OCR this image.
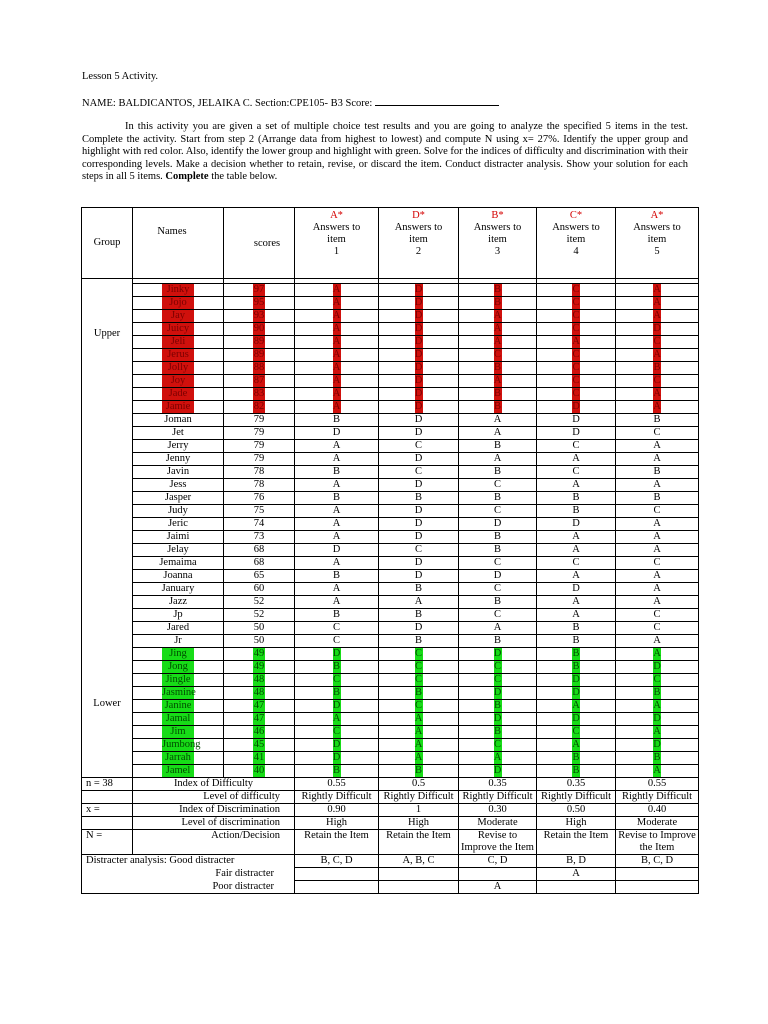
Lesson 5 Activity.

NAME: BALDICANTOS, JELAIKA C. Section:CPE105- B3 Score:

In this activity you are given a set of multiple choice test results and you are going to analyze the specified 5 items in the test. Complete the activity. Start from step 2 (Arrange data from highest to lowest) and compute N using x= 27%. Identify the upper group and highlight with red color. Also, identify the lower group and highlight with green. Solve for the indices of difficulty and discrimination with their corresponding levels. Make a decision whether to retain, revise, or discard the item. Conduct distracter analysis. Show your solution for each steps in all 5 items. Complete the table below.

Group	Names	scores	A*
Answers to
item
1	D*
Answers to
item
2	B*
Answers to
item
3	C*
Answers to
item
4	A*
Answers to
item
5

Upper	Jinky	97	A	D	B	C	A

	Jojo	95	A	D	B	C	A

	Jay	93	A	D	A	C	A

	Juicy	90	A	D	A	C	D

	Jeli	89	A	D	A	A	C

	Jerus	89	A	D	C	C	A

	Jolly	88	A	D	B	C	B

	Joy	87	A	D	A	C	C

	Jade	83	A	D	B	C	A

	Jamie	82	A	D	B	D	A

	Joman	79	B	D	A	D	B
	Jet	79	D	D	A	D	C
	Jerry	79	A	C	B	C	A
	Jenny	79	A	D	A	A	A
	Javin	78	B	C	B	C	B
	Jess	78	A	D	C	A	A
	Jasper	76	B	B	B	B	B
	Judy	75	A	D	C	B	C
	Jeric	74	A	D	D	D	A
	Jaimi	73	A	D	B	A	A
	Jelay	68	D	C	B	A	A
	Jemaima	68	A	D	C	C	C
	Joanna	65	B	D	D	A	A
	January	60	A	B	C	D	A
	Jazz	52	A	A	B	A	A
	Jp	52	B	B	C	A	C
	Jared	50	C	D	A	B	C
	Jr	50	C	B	B	B	A
Lower	Jing	49	D	C	D	B	A

	Jong	49	B	C	C	B	D

	Jingle	48	C	C	C	D	C

	Jasmine	48	B	B	D	D	B

	Janine	47	D	C	B	A	A

	Jamal	47	A	A	D	D	D

	Jim	46	C	A	B	C	A

	Jumbong	45	D	A	C	A	D

	Jarrah	41	D	A	A	B	B

	Jamel	40	B	B	D	B	A

n = 38	Index of Difficulty		0.55	0.5	0.35	0.35	0.55
	Level of difficulty		Rightly Difficult	Rightly Difficult	Rightly Difficult	Rightly Difficult	Rightly Difficult
x =	Index of Discrimination		0.90	1	0.30	0.50	0.40
	Level of discrimination		High	High	Moderate	High	Moderate
N =	Action/Decision		Retain the Item	Retain the Item	Revise to Improve the Item	Retain the Item	Revise to Improve the Item
Distracter analysis: Good distracter			B, C, D	A, B, C	C, D	B, D	B, C, D
Fair distracter						A	
Poor distracter					A		
